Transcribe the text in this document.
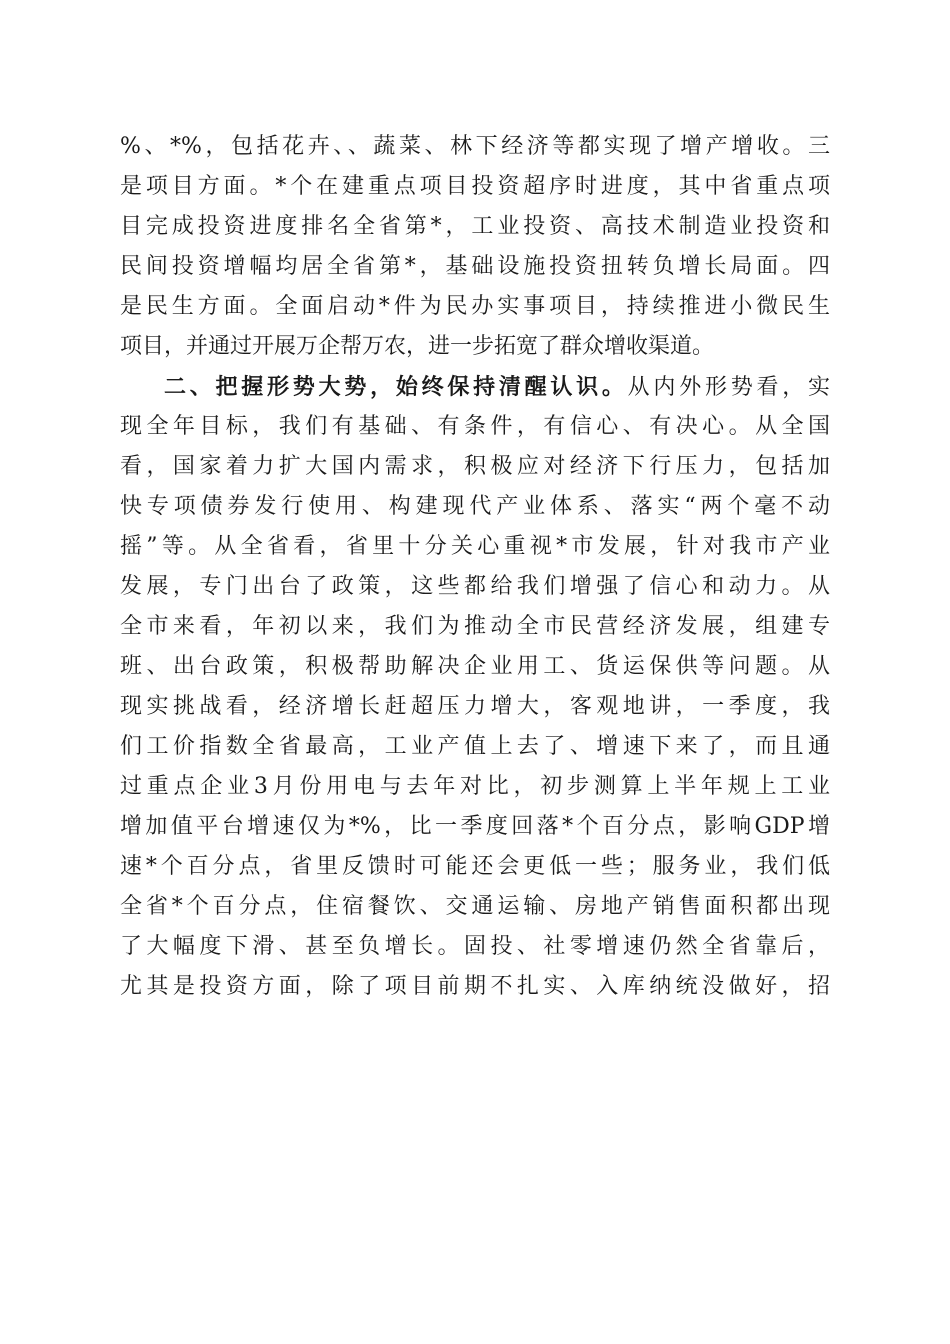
%、*%，包括花卉、、蔬菜、林下经济等都实现了增产增收。三
是项目方面。*个在建重点项目投资超序时进度，其中省重点项
目完成投资进度排名全省第*，工业投资、高技术制造业投资和
民间投资增幅均居全省第*，基础设施投资扭转负增长局面。四
是民生方面。全面启动*件为民办实事项目，持续推进小微民生
项目，并通过开展万企帮万农，进一步拓宽了群众增收渠道。
二、把握形势大势，始终保持清醒认识。从内外形势看，实
现全年目标，我们有基础、有条件，有信心、有决心。从全国
看，国家着力扩大国内需求，积极应对经济下行压力，包括加
快专项债券发行使用、构建现代产业体系、落实“两个毫不动
摇”等。从全省看，省里十分关心重视*市发展，针对我市产业
发展，专门出台了政策，这些都给我们增强了信心和动力。从
全市来看，年初以来，我们为推动全市民营经济发展，组建专
班、出台政策，积极帮助解决企业用工、货运保供等问题。从
现实挑战看，经济增长赶超压力增大，客观地讲，一季度，我
们工价指数全省最高，工业产值上去了、增速下来了，而且通
过重点企业3月份用电与去年对比，初步测算上半年规上工业
增加值平台增速仅为*%，比一季度回落*个百分点，影响GDP增
速*个百分点，省里反馈时可能还会更低一些；服务业，我们低
全省*个百分点，住宿餐饮、交通运输、房地产销售面积都出现
了大幅度下滑、甚至负增长。固投、社零增速仍然全省靠后，
尤其是投资方面，除了项目前期不扎实、入库纳统没做好，招
